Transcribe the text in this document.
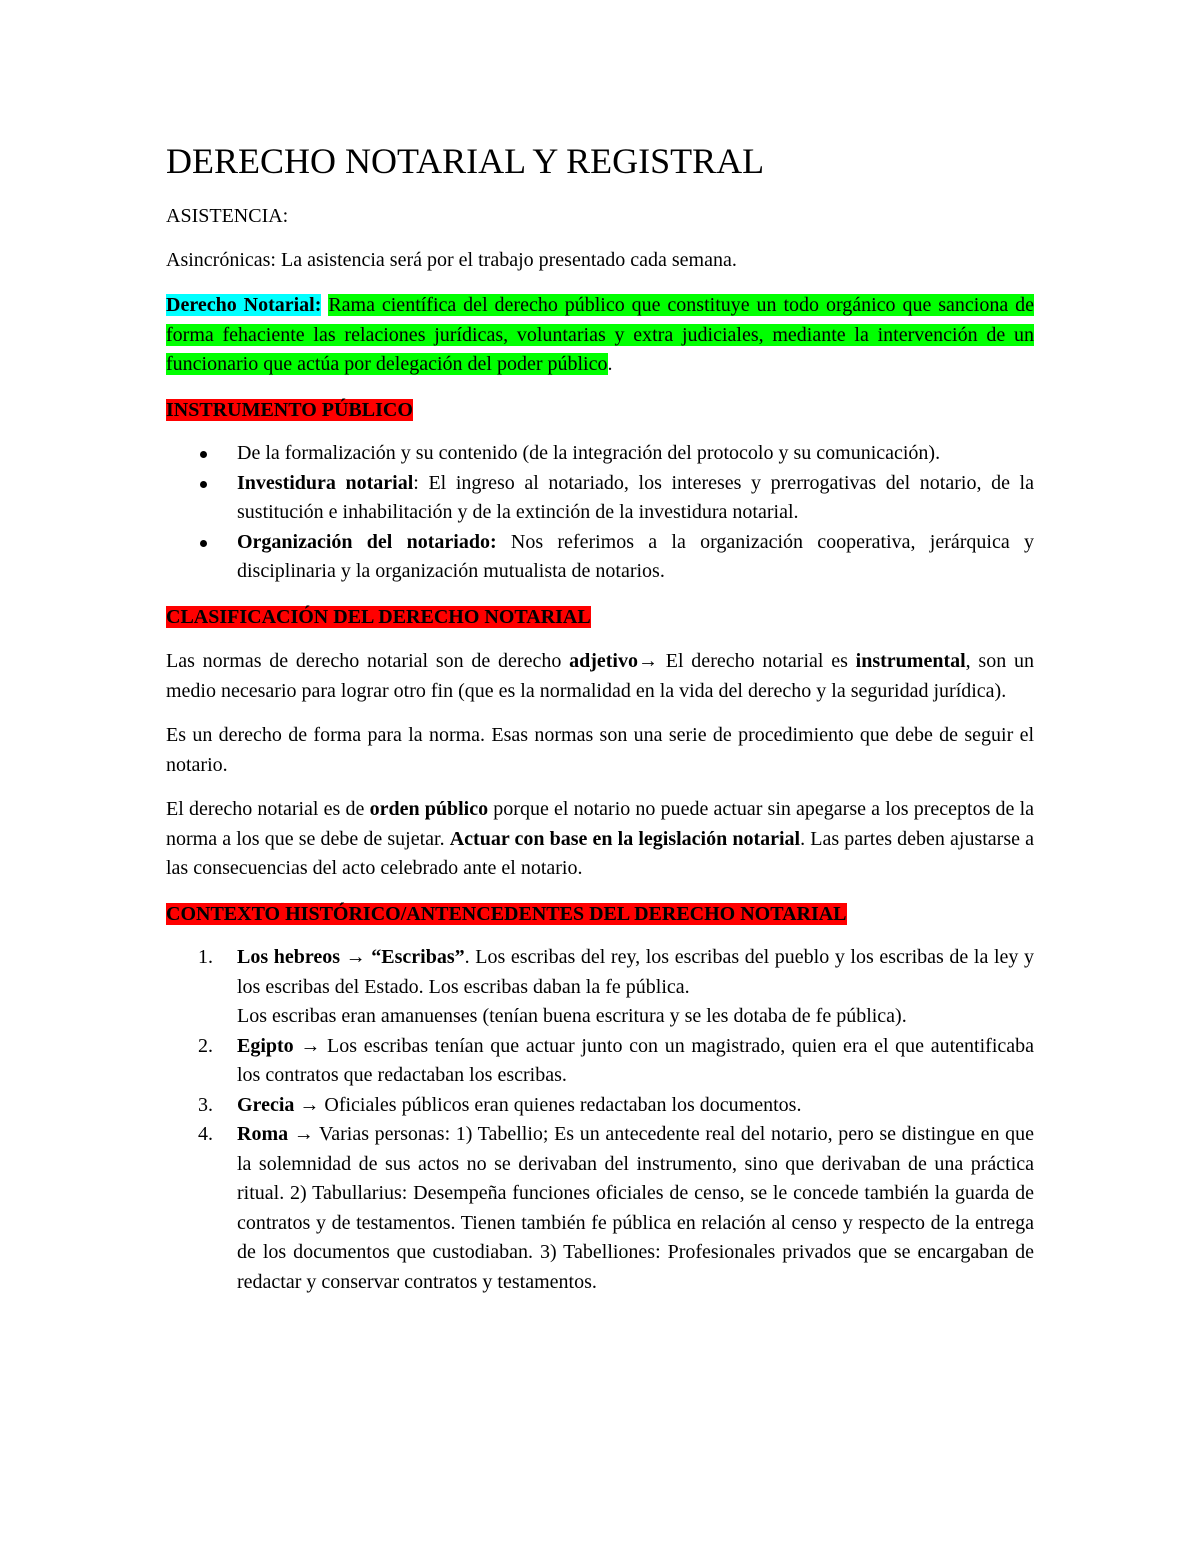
DERECHO NOTARIAL Y REGISTRAL

ASISTENCIA:

Asincrónicas: La asistencia será por el trabajo presentado cada semana.

Derecho Notarial: Rama científica del derecho público que constituye un todo orgánico que sanciona de forma fehaciente las relaciones jurídicas, voluntarias y extra judiciales, mediante la intervención de un funcionario que actúa por delegación del poder público.

INSTRUMENTO PÚBLICO

De la formalización y su contenido (de la integración del protocolo y su comunicación).
Investidura notarial: El ingreso al notariado, los intereses y prerrogativas del notario, de la sustitución e inhabilitación y de la extinción de la investidura notarial.
Organización del notariado: Nos referimos a la organización cooperativa, jerárquica y disciplinaria y la organización mutualista de notarios.

CLASIFICACIÓN DEL DERECHO NOTARIAL

Las normas de derecho notarial son de derecho adjetivo→ El derecho notarial es instrumental, son un medio necesario para lograr otro fin (que es la normalidad en la vida del derecho y la seguridad jurídica).

Es un derecho de forma para la norma. Esas normas son una serie de procedimiento que debe de seguir el notario.

El derecho notarial es de orden público porque el notario no puede actuar sin apegarse a los preceptos de la norma a los que se debe de sujetar. Actuar con base en la legislación notarial. Las partes deben ajustarse a las consecuencias del acto celebrado ante el notario.

CONTEXTO HISTÓRICO/ANTENCEDENTES DEL DERECHO NOTARIAL

1. Los hebreos → “Escribas”. Los escribas del rey, los escribas del pueblo y los escribas de la ley y los escribas del Estado. Los escribas daban la fe pública.
Los escribas eran amanuenses (tenían buena escritura y se les dotaba de fe pública).
2. Egipto → Los escribas tenían que actuar junto con un magistrado, quien era el que autentificaba los contratos que redactaban los escribas.
3. Grecia → Oficiales públicos eran quienes redactaban los documentos.
4. Roma → Varias personas: 1) Tabellio; Es un antecedente real del notario, pero se distingue en que la solemnidad de sus actos no se derivaban del instrumento, sino que derivaban de una práctica ritual. 2) Tabullarius: Desempeña funciones oficiales de censo, se le concede también la guarda de contratos y de testamentos. Tienen también fe pública en relación al censo y respecto de la entrega de los documentos que custodiaban. 3) Tabelliones: Profesionales privados que se encargaban de redactar y conservar contratos y testamentos.
